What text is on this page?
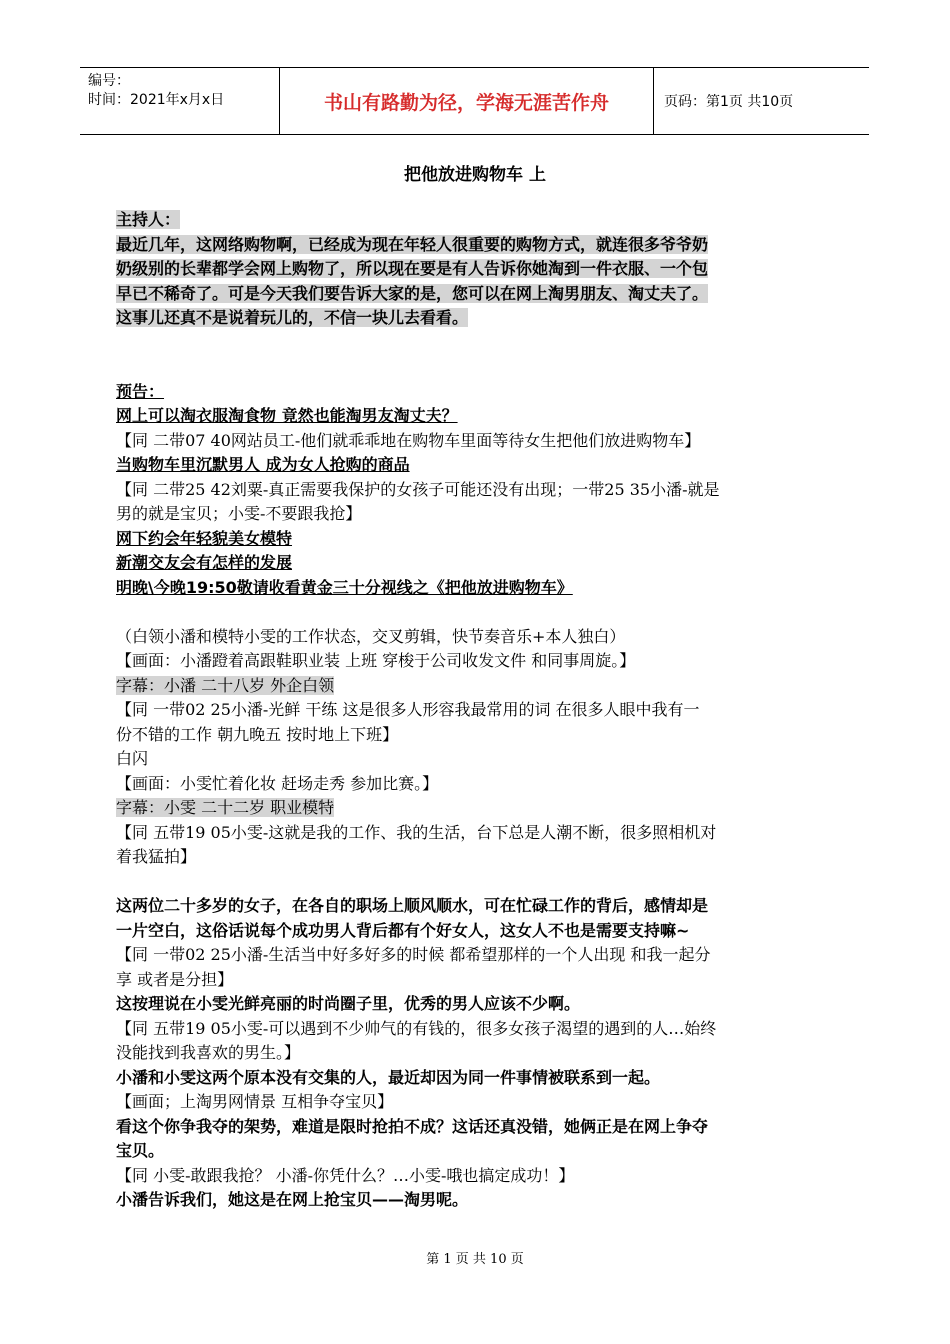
编号：
时间：2021年x月x日	书山有路勤为径，学海无涯苦作舟	页码：第1页 共10页
把他放进购物车 上
主持人：
最近几年，这网络购物啊，已经成为现在年轻人很重要的购物方式，就连很多爷爷奶
奶级别的长辈都学会网上购物了，所以现在要是有人告诉你她淘到一件衣服、一个包
早已不稀奇了。可是今天我们要告诉大家的是，您可以在网上淘男朋友、淘丈夫了。
这事儿还真不是说着玩儿的，不信一块儿去看看。
预告：
网上可以淘衣服淘食物 竟然也能淘男友淘丈夫？
【同 二带07 40网站员工-他们就乖乖地在购物车里面等待女生把他们放进购物车】
当购物车里沉默男人 成为女人抢购的商品
【同 二带25 42刘粟-真正需要我保护的女孩子可能还没有出现；一带25 35小潘-就是
男的就是宝贝；小雯-不要跟我抢】
网下约会年轻貌美女模特
新潮交友会有怎样的发展
明晚\今晚19:50敬请收看黄金三十分视线之《把他放进购物车》
（白领小潘和模特小雯的工作状态，交叉剪辑，快节奏音乐+本人独白）
【画面：小潘蹬着高跟鞋职业装 上班 穿梭于公司收发文件 和同事周旋。】
字幕：小潘 二十八岁 外企白领
【同 一带02 25小潘-光鲜 干练 这是很多人形容我最常用的词 在很多人眼中我有一
份不错的工作 朝九晚五 按时地上下班】
白闪
【画面：小雯忙着化妆 赶场走秀 参加比赛。】
字幕：小雯 二十二岁 职业模特
【同 五带19 05小雯-这就是我的工作、我的生活，台下总是人潮不断，很多照相机对
着我猛拍】
这两位二十多岁的女子，在各自的职场上顺风顺水，可在忙碌工作的背后，感情却是
一片空白，这俗话说每个成功男人背后都有个好女人，这女人不也是需要支持嘛~
【同 一带02 25小潘-生活当中好多好多的时候 都希望那样的一个人出现 和我一起分
享 或者是分担】
这按理说在小雯光鲜亮丽的时尚圈子里，优秀的男人应该不少啊。
【同 五带19 05小雯-可以遇到不少帅气的有钱的，很多女孩子渴望的遇到的人…始终
没能找到我喜欢的男生。】
小潘和小雯这两个原本没有交集的人，最近却因为同一件事情被联系到一起。
【画面；上淘男网情景 互相争夺宝贝】
看这个你争我夺的架势，难道是限时抢拍不成？这话还真没错，她俩正是在网上争夺
宝贝。
【同 小雯-敢跟我抢？ 小潘-你凭什么？…小雯-哦也搞定成功！】
小潘告诉我们，她这是在网上抢宝贝——淘男呢。
第 1 页 共 10 页
